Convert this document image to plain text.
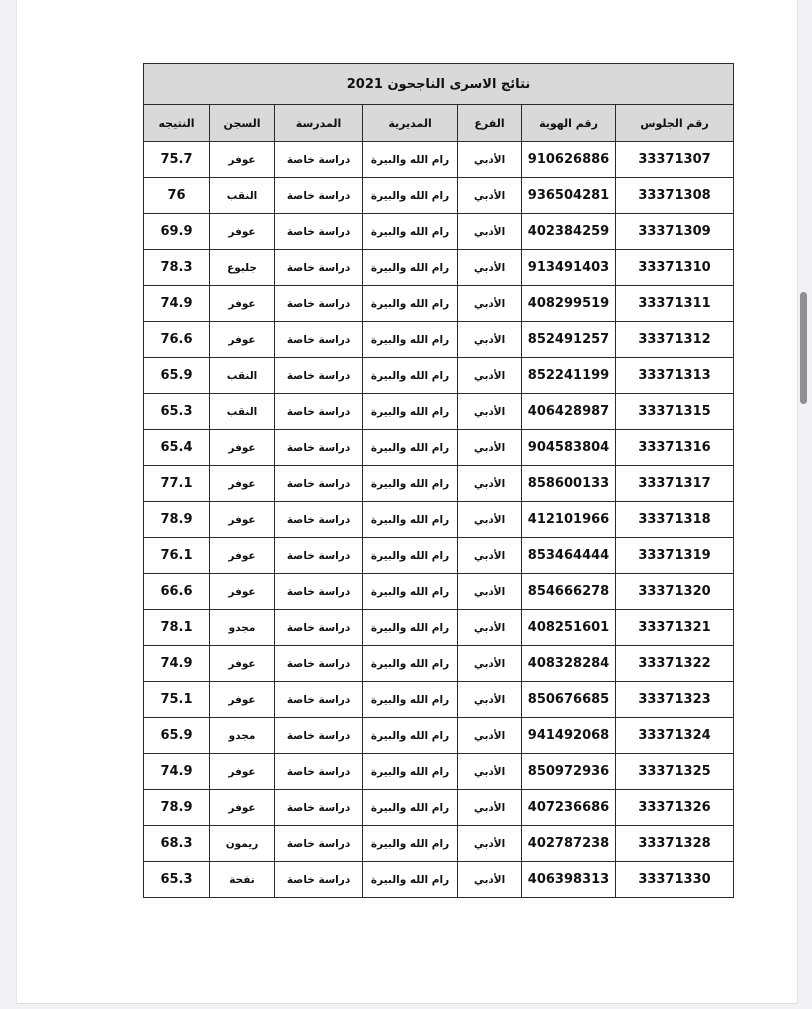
نتائج الاسرى الناجحون 2021						
رقم الجلوس	رقم الهوية	الفرع	المديرية	المدرسة	السجن	النتيجه
33371307	910626886	الأدبي	رام الله والبيرة	دراسة خاصة	عوفر	75.7
33371308	936504281	الأدبي	رام الله والبيرة	دراسة خاصة	النقب	76
33371309	402384259	الأدبي	رام الله والبيرة	دراسة خاصة	عوفر	69.9
33371310	913491403	الأدبي	رام الله والبيرة	دراسة خاصة	جلبوع	78.3
33371311	408299519	الأدبي	رام الله والبيرة	دراسة خاصة	عوفر	74.9
33371312	852491257	الأدبي	رام الله والبيرة	دراسة خاصة	عوفر	76.6
33371313	852241199	الأدبي	رام الله والبيرة	دراسة خاصة	النقب	65.9
33371315	406428987	الأدبي	رام الله والبيرة	دراسة خاصة	النقب	65.3
33371316	904583804	الأدبي	رام الله والبيرة	دراسة خاصة	عوفر	65.4
33371317	858600133	الأدبي	رام الله والبيرة	دراسة خاصة	عوفر	77.1
33371318	412101966	الأدبي	رام الله والبيرة	دراسة خاصة	عوفر	78.9
33371319	853464444	الأدبي	رام الله والبيرة	دراسة خاصة	عوفر	76.1
33371320	854666278	الأدبي	رام الله والبيرة	دراسة خاصة	عوفر	66.6
33371321	408251601	الأدبي	رام الله والبيرة	دراسة خاصة	مجدو	78.1
33371322	408328284	الأدبي	رام الله والبيرة	دراسة خاصة	عوفر	74.9
33371323	850676685	الأدبي	رام الله والبيرة	دراسة خاصة	عوفر	75.1
33371324	941492068	الأدبي	رام الله والبيرة	دراسة خاصة	مجدو	65.9
33371325	850972936	الأدبي	رام الله والبيرة	دراسة خاصة	عوفر	74.9
33371326	407236686	الأدبي	رام الله والبيرة	دراسة خاصة	عوفر	78.9
33371328	402787238	الأدبي	رام الله والبيرة	دراسة خاصة	ريمون	68.3
33371330	406398313	الأدبي	رام الله والبيرة	دراسة خاصة	نفحة	65.3
